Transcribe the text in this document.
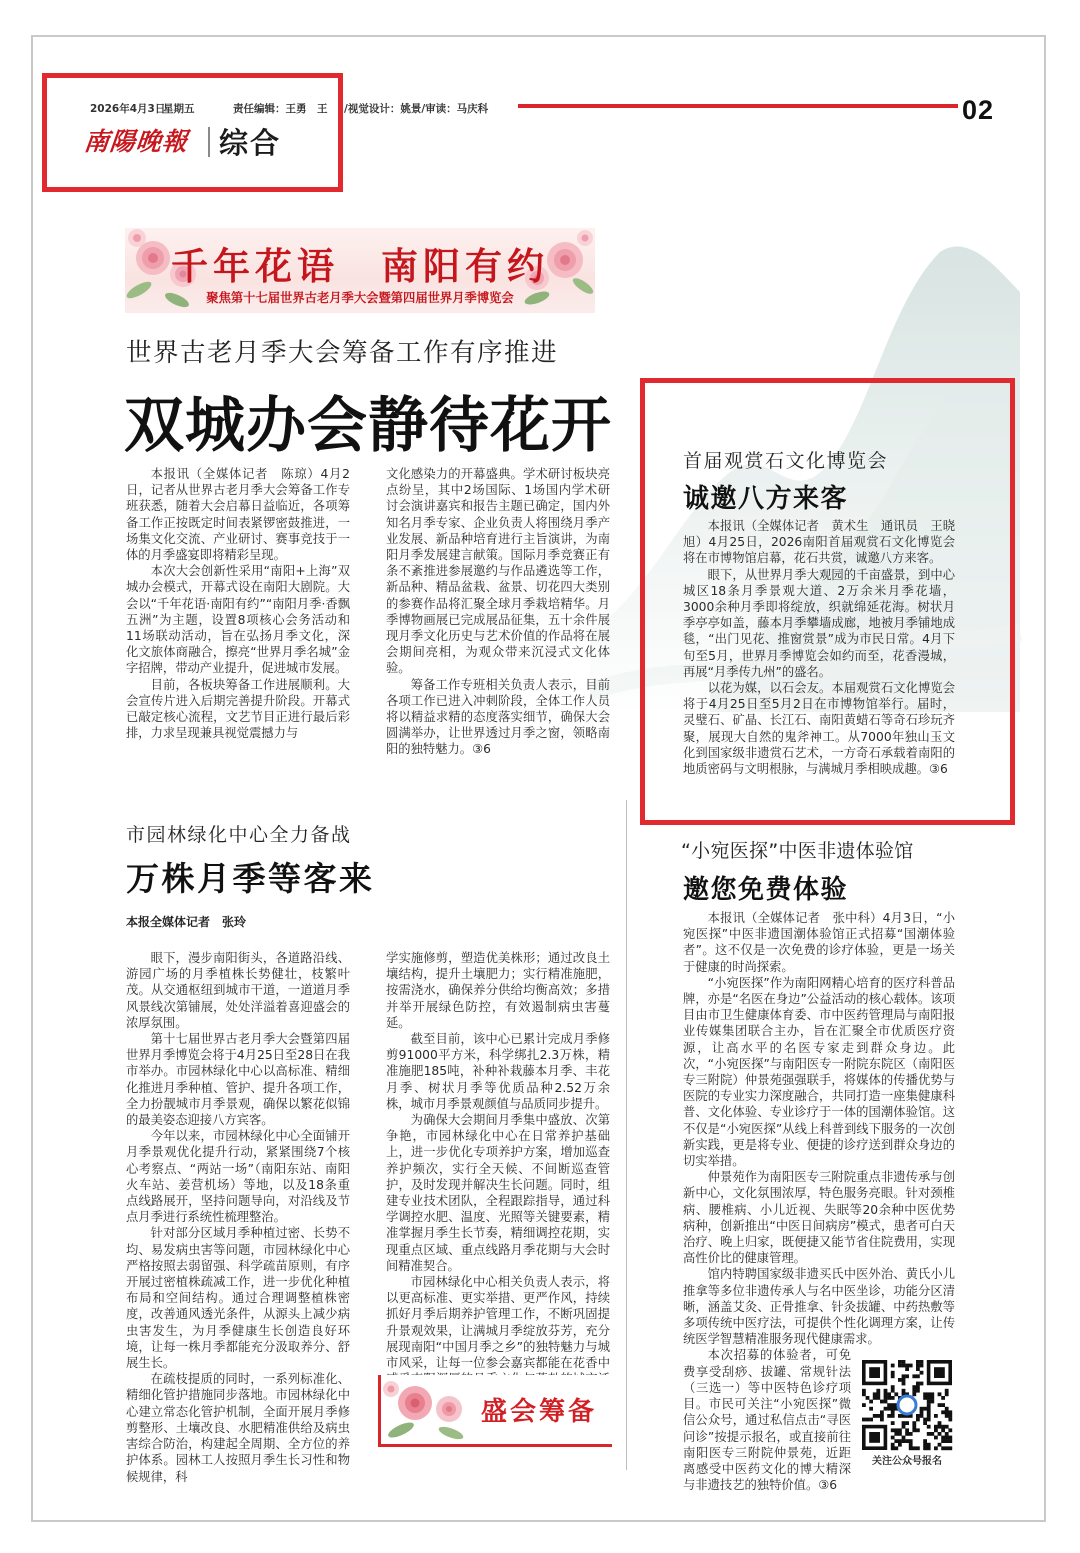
2026年4月3日
星期五	责任编辑：王勇　王 /视觉设计：姚景/审读：马庆科	02
南陽晚報	综合
千年花语　南阳有约
聚焦第十七届世界古老月季大会暨第四届世界月季博览会
世界古老月季大会筹备工作有序推进
双城办会静待花开

本报讯（全媒体记者　陈琼）4月2日，记者从世界古老月季大会筹备工作专班获悉，随着大会启幕日益临近，各项筹备工作正按既定时间表紧锣密鼓推进，一场集文化交流、产业研讨、赛事竞技于一体的月季盛宴即将精彩呈现。

本次大会创新性采用“南阳+上海”双城办会模式，开幕式设在南阳大剧院。大会以“千年花语·南阳有约”“南阳月季·香飘五洲”为主题，设置8项核心会务活动和11场联动活动，旨在弘扬月季文化，深化文旅体商融合，擦亮“世界月季名城”金字招牌，带动产业提升，促进城市发展。

目前，各板块筹备工作进展顺利。大会宣传片进入后期完善提升阶段。开幕式已敲定核心流程，文艺节目正进行最后彩排，力求呈现兼具视觉震撼力与

文化感染力的开幕盛典。学术研讨板块亮点纷呈，其中2场国际、1场国内学术研讨会演讲嘉宾和报告主题已确定，国内外知名月季专家、企业负责人将围绕月季产业发展、新品种培育进行主旨演讲，为南阳月季发展建言献策。国际月季竞赛正有条不紊推进参展邀约与作品遴选等工作，新品种、精品盆栽、盆景、切花四大类别的参赛作品将汇聚全球月季栽培精华。月季博物画展已完成展品征集，五十余件展现月季文化历史与艺术价值的作品将在展会期间亮相，为观众带来沉浸式文化体验。

筹备工作专班相关负责人表示，目前各项工作已进入冲刺阶段，全体工作人员将以精益求精的态度落实细节，确保大会圆满举办，让世界透过月季之窗，领略南阳的独特魅力。③6

首届观赏石文化博览会
诚邀八方来客

本报讯（全媒体记者　黄术生　通讯员　王晓旭）4月25日，2026南阳首届观赏石文化博览会将在市博物馆启幕，花石共赏，诚邀八方来客。

眼下，从世界月季大观园的千亩盛景，到中心城区18条月季景观大道、2万余米月季花墙，3000余种月季即将绽放，织就绵延花海。树状月季亭亭如盖，藤本月季攀墙成廊，地被月季铺地成毯，“出门见花、推窗赏景”成为市民日常。4月下旬至5月，世界月季博览会如约而至，花香漫城，再展“月季传九州”的盛名。

以花为媒，以石会友。本届观赏石文化博览会将于4月25日至5月2日在市博物馆举行。届时，灵璧石、矿晶、长江石、南阳黄蜡石等奇石珍玩齐聚，展现大自然的鬼斧神工。从7000年独山玉文化到国家级非遗赏石艺术，一方奇石承载着南阳的地质密码与文明根脉，与满城月季相映成趣。③6

市园林绿化中心全力备战
万株月季等客来
本报全媒体记者　张玲

眼下，漫步南阳街头，各道路沿线、游园广场的月季植株长势健壮，枝繁叶茂。从交通枢纽到城市干道，一道道月季风景线次第铺展，处处洋溢着喜迎盛会的浓厚氛围。

第十七届世界古老月季大会暨第四届世界月季博览会将于4月25日至28日在我市举办。市园林绿化中心以高标准、精细化推进月季种植、管护、提升各项工作，全力扮靓城市月季景观，确保以繁花似锦的最美姿态迎接八方宾客。

今年以来，市园林绿化中心全面铺开月季景观优化提升行动，紧紧围绕7个核心考察点、“两站一场”（南阳东站、南阳火车站、姜营机场）等地，以及18条重点线路展开，坚持问题导向，对沿线及节点月季进行系统性梳理整治。

针对部分区域月季种植过密、长势不均、易发病虫害等问题，市园林绿化中心严格按照去弱留强、科学疏苗原则，有序开展过密植株疏减工作，进一步优化种植布局和空间结构。通过合理调整植株密度，改善通风透光条件，从源头上减少病虫害发生，为月季健康生长创造良好环境，让每一株月季都能充分汲取养分、舒展生长。

在疏枝提质的同时，一系列标准化、精细化管护措施同步落地。市园林绿化中心建立常态化管护机制，全面开展月季修剪整形、土壤改良、水肥精准供给及病虫害综合防治，构建起全周期、全方位的养护体系。园林工人按照月季生长习性和物候规律，科

学实施修剪，塑造优美株形；通过改良土壤结构，提升土壤肥力；实行精准施肥，按需浇水，确保养分供给均衡高效；多措并举开展绿色防控，有效遏制病虫害蔓延。

截至目前，该中心已累计完成月季修剪91000平方米，科学绑扎2.3万株，精准施肥185吨，补种补栽藤本月季、丰花月季、树状月季等优质品种2.52万余株，城市月季景观颜值与品质同步提升。

为确保大会期间月季集中盛放、次第争艳，市园林绿化中心在日常养护基础上，进一步优化专项养护方案，增加巡查养护频次，实行全天候、不间断巡查管护，及时发现并解决生长问题。同时，组建专业技术团队，全程跟踪指导，通过科学调控水肥、温度、光照等关键要素，精准掌握月季生长节奏，精细调控花期，实现重点区域、重点线路月季花期与大会时间精准契合。

市园林绿化中心相关负责人表示，将以更高标准、更实举措、更严作风，持续抓好月季后期养护管理工作，不断巩固提升景观效果，让满城月季绽放芬芳，充分展现南阳“中国月季之乡”的独特魅力与城市风采，让每一位参会嘉宾都能在花香中

盛会筹备
“小宛医探”中医非遗体验馆
邀您免费体验
关注公众号报名

本报讯（全媒体记者　张中科）4月3日，“小宛医探”中医非遗国潮体验馆正式招募“国潮体验者”。这不仅是一次免费的诊疗体验，更是一场关于健康的时尚探索。

“小宛医探”作为南阳网精心培育的医疗科普品牌，亦是“名医在身边”公益活动的核心载体。该项目由市卫生健康体育委、市中医药管理局与南阳报业传媒集团联合主办，旨在汇聚全市优质医疗资源，让高水平的名医专家走到群众身边。此次，“小宛医探”与南阳医专一附院东院区（南阳医专三附院）仲景苑强强联手，将媒体的传播优势与医院的专业实力深度融合，共同打造一座集健康科普、文化体验、专业诊疗于一体的国潮体验馆。这不仅是“小宛医探”从线上科普到线下服务的一次创新实践，更是将专业、便捷的诊疗送到群众身边的切实举措。

仲景苑作为南阳医专三附院重点非遗传承与创新中心，文化氛围浓厚，特色服务亮眼。针对颈椎病、腰椎病、小儿近视、失眠等20余种中医优势病种，创新推出“中医日间病房”模式，患者可白天治疗、晚上归家，既便捷又能节省住院费用，实现高性价比的健康管理。

馆内特聘国家级非遗买氏中医外治、黄氏小儿推拿等多位非遗传承人与名中医坐诊，功能分区清晰，涵盖艾灸、正骨推拿、针灸拔罐、中药热敷等多项传统中医疗法，可提供个性化调理方案，让传统医学智慧精准服务现代健康需求。

本次招募的体验者，可免费享受刮痧、拔罐、常规针法（三选一）等中医特色诊疗项目。市民可关注“小宛医探”微信公众号，通过私信点击“寻医问诊”按提示报名，或直接前往南阳医专三附院仲景苑，近距离感受中医药文化的博大精深与非遗技艺的独特价值。③6
